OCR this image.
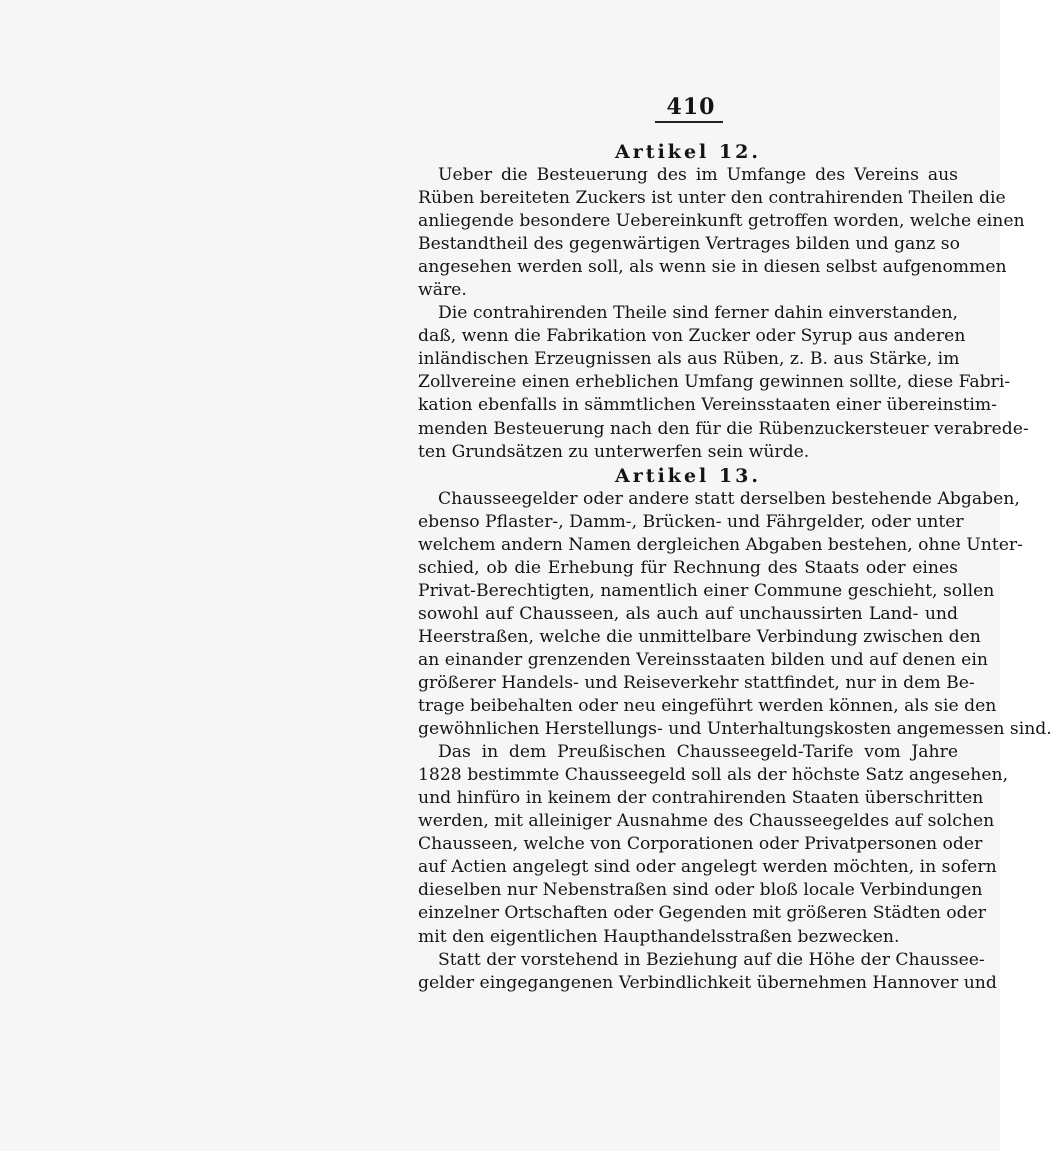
410
Artikel 12.
Ueber die Besteuerung des im Umfange des Vereins aus
Rüben bereiteten Zuckers ist unter den contrahirenden Theilen die
anliegende besondere Uebereinkunft getroffen worden, welche einen
Bestandtheil des gegenwärtigen Vertrages bilden und ganz so
angesehen werden soll, als wenn sie in diesen selbst aufgenommen
wäre.
Die contrahirenden Theile sind ferner dahin einverstanden,
daß, wenn die Fabrikation von Zucker oder Syrup aus anderen
inländischen Erzeugnissen als aus Rüben, z. B. aus Stärke, im
Zollvereine einen erheblichen Umfang gewinnen sollte, diese Fabri-
kation ebenfalls in sämmtlichen Vereinsstaaten einer übereinstim-
menden Besteuerung nach den für die Rübenzuckersteuer verabrede-
ten Grundsätzen zu unterwerfen sein würde.
Artikel 13.
Chausseegelder oder andere statt derselben bestehende Abgaben,
ebenso Pflaster-, Damm-, Brücken- und Fährgelder, oder unter
welchem andern Namen dergleichen Abgaben bestehen, ohne Unter-
schied, ob die Erhebung für Rechnung des Staats oder eines
Privat-Berechtigten, namentlich einer Commune geschieht, sollen
sowohl auf Chausseen, als auch auf unchaussirten Land- und
Heerstraßen, welche die unmittelbare Verbindung zwischen den
an einander grenzenden Vereinsstaaten bilden und auf denen ein
größerer Handels- und Reiseverkehr stattfindet, nur in dem Be-
trage beibehalten oder neu eingeführt werden können, als sie den
gewöhnlichen Herstellungs- und Unterhaltungskosten angemessen sind.
Das in dem Preußischen Chausseegeld-Tarife vom Jahre
1828 bestimmte Chausseegeld soll als der höchste Satz angesehen,
und hinfüro in keinem der contrahirenden Staaten überschritten
werden, mit alleiniger Ausnahme des Chausseegeldes auf solchen
Chausseen, welche von Corporationen oder Privatpersonen oder
auf Actien angelegt sind oder angelegt werden möchten, in sofern
dieselben nur Nebenstraßen sind oder bloß locale Verbindungen
einzelner Ortschaften oder Gegenden mit größeren Städten oder
mit den eigentlichen Haupthandelsstraßen bezwecken.
Statt der vorstehend in Beziehung auf die Höhe der Chaussee-
gelder eingegangenen Verbindlichkeit übernehmen Hannover und
